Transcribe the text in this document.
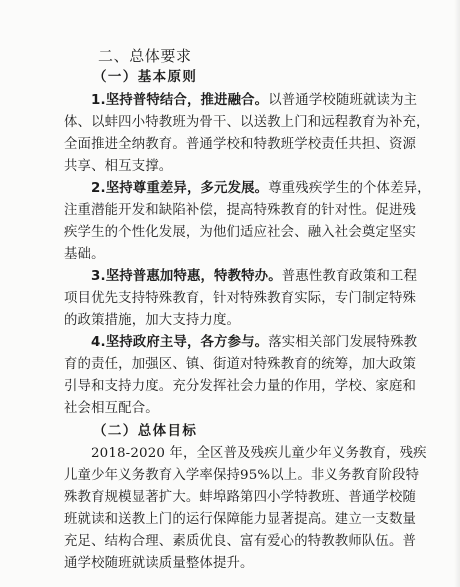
二、总体要求
（一）基本原则
1.坚持普特结合，推进融合。以普通学校随班就读为主
体、以蚌四小特教班为骨干、以送教上门和远程教育为补充，
全面推进全纳教育。普通学校和特教班学校责任共担、资源
共享、相互支撑。
2.坚持尊重差异，多元发展。尊重残疾学生的个体差异，
注重潜能开发和缺陷补偿，提高特殊教育的针对性。促进残
疾学生的个性化发展，为他们适应社会、融入社会奠定坚实
基础。
3.坚持普惠加特惠，特教特办。普惠性教育政策和工程
项目优先支持特殊教育，针对特殊教育实际，专门制定特殊
的政策措施，加大支持力度。
4.坚持政府主导，各方参与。落实相关部门发展特殊教
育的责任，加强区、镇、街道对特殊教育的统筹，加大政策
引导和支持力度。充分发挥社会力量的作用，学校、家庭和
社会相互配合。
（二）总体目标
2018-2020 年，全区普及残疾儿童少年义务教育，残疾
儿童少年义务教育入学率保持95%以上。非义务教育阶段特
殊教育规模显著扩大。蚌埠路第四小学特教班、普通学校随
班就读和送教上门的运行保障能力显著提高。建立一支数量
充足、结构合理、素质优良、富有爱心的特教教师队伍。普
通学校随班就读质量整体提升。
